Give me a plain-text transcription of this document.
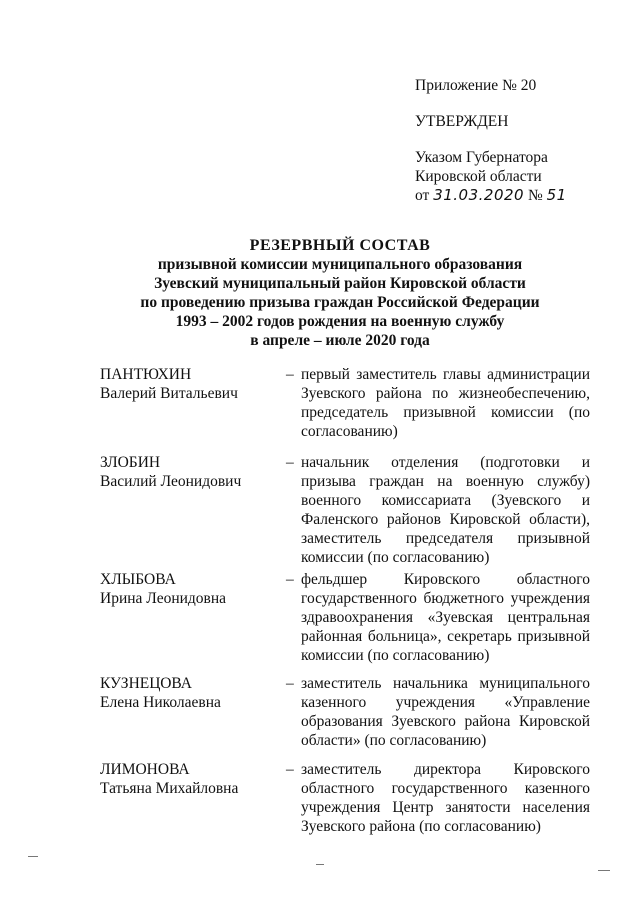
Приложение № 20
УТВЕРЖДЕН
Указом Губернатора
Кировской области
от 31.03.2020 № 51
РЕЗЕРВНЫЙ СОСТАВ
призывной комиссии муниципального образования
Зуевский муниципальный район Кировской области
по проведению призыва граждан Российской Федерации
1993 – 2002 годов рождения на военную службу
в апреле – июле 2020 года
ПАНТЮХИН
Валерий Витальевич
– первый заместитель главы администрации Зуевского района по жизнеобеспечению, председатель призывной комиссии (по согласованию)
ЗЛОБИН
Василий Леонидович
– начальник отделения (подготовки и призыва граждан на военную службу) военного комиссариата (Зуевского и Фаленского районов Кировской области), заместитель председателя призывной комиссии (по согласованию)
ХЛЫБОВА
Ирина Леонидовна
– фельдшер Кировского областного государственного бюджетного учреждения здравоохранения «Зуевская центральная районная больница», секретарь призывной комиссии (по согласованию)
КУЗНЕЦОВА
Елена Николаевна
– заместитель начальника муниципального казенного учреждения «Управление образования Зуевского района Кировской области» (по согласованию)
ЛИМОНОВА
Татьяна Михайловна
– заместитель директора Кировского областного государственного казенного учреждения Центр занятости населения Зуевского района (по согласованию)
